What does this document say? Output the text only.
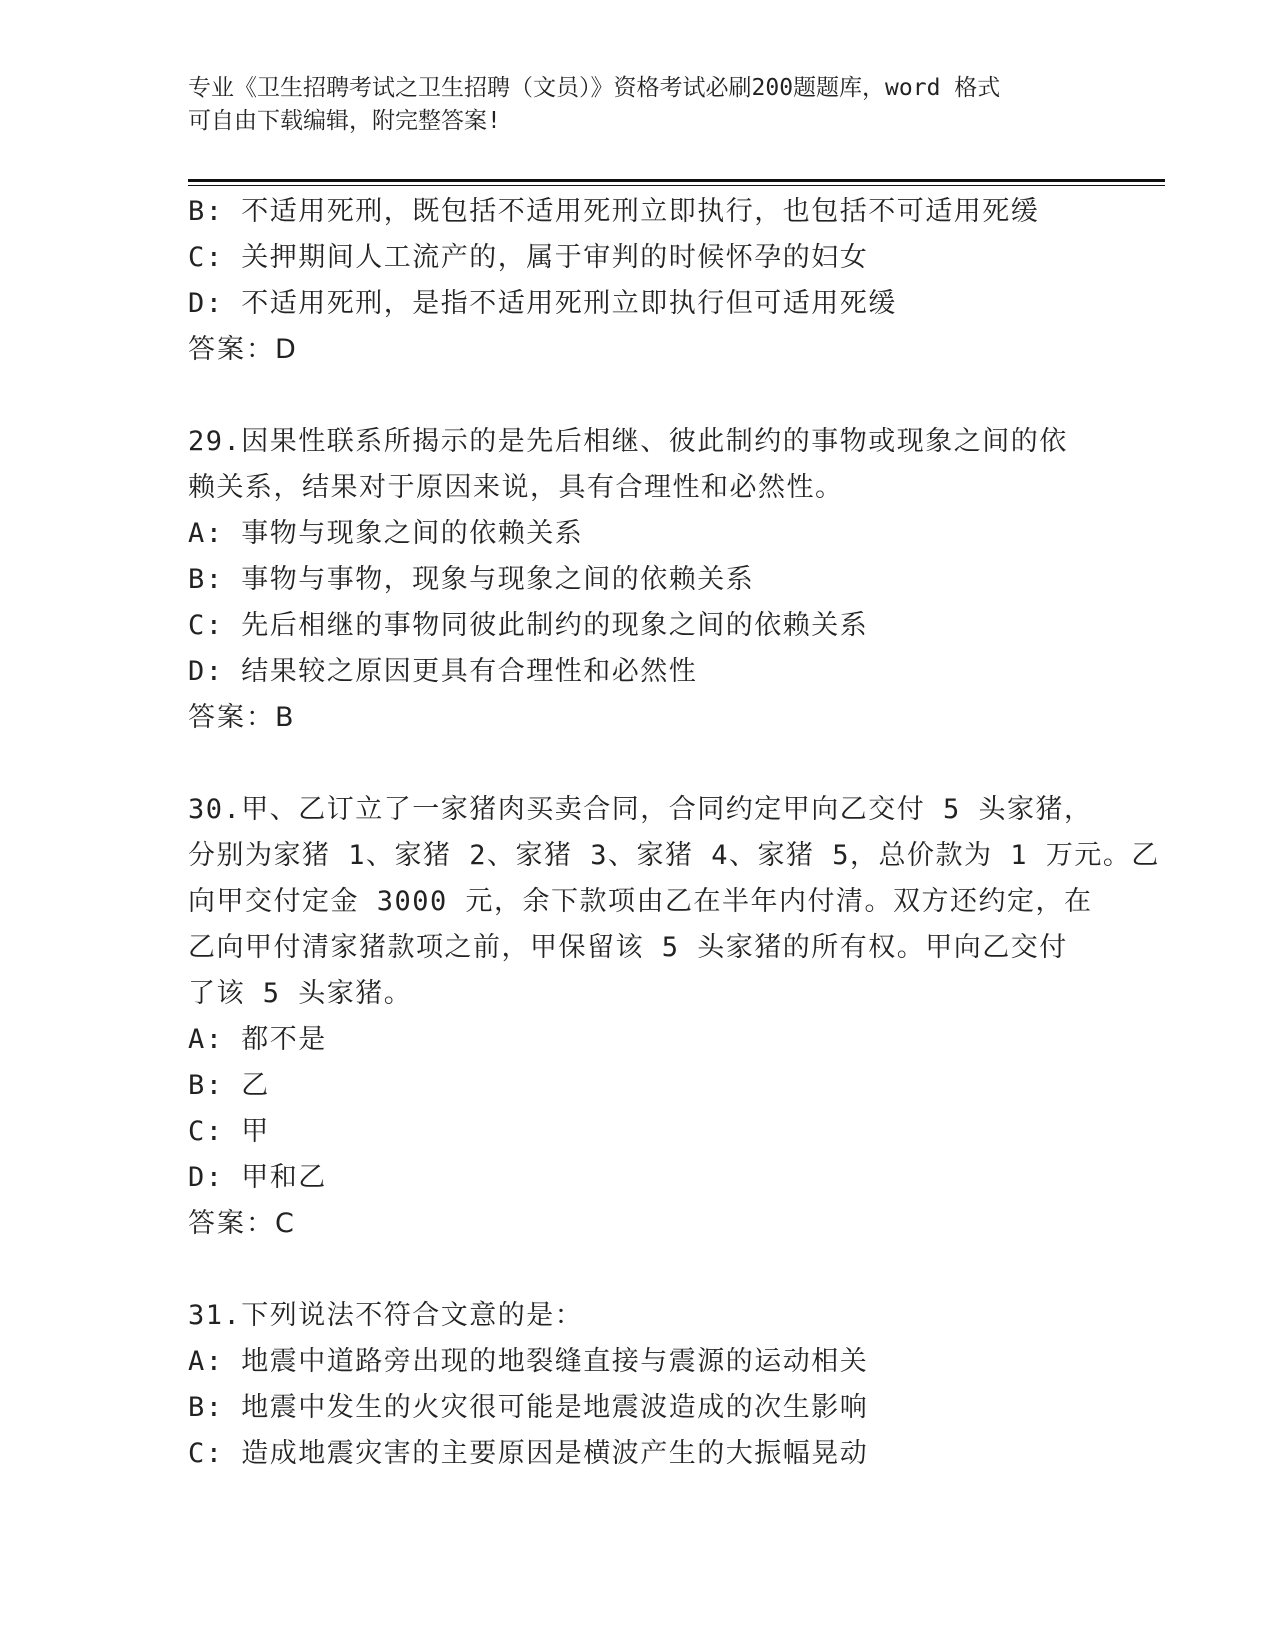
专业《卫生招聘考试之卫生招聘（文员）》资格考试必刷200题题库，word 格式
可自由下载编辑，附完整答案!
B: 不适用死刑，既包括不适用死刑立即执行，也包括不可适用死缓
C: 关押期间人工流产的，属于审判的时候怀孕的妇女
D: 不适用死刑，是指不适用死刑立即执行但可适用死缓
答案：D
29.因果性联系所揭示的是先后相继、彼此制约的事物或现象之间的依
赖关系，结果对于原因来说，具有合理性和必然性。
A: 事物与现象之间的依赖关系
B: 事物与事物，现象与现象之间的依赖关系
C: 先后相继的事物同彼此制约的现象之间的依赖关系
D: 结果较之原因更具有合理性和必然性
答案：B
30.甲、乙订立了一家猪肉买卖合同，合同约定甲向乙交付 5 头家猪，
分别为家猪 1、家猪 2、家猪 3、家猪 4、家猪 5，总价款为 1 万元。乙
向甲交付定金 3000 元，余下款项由乙在半年内付清。双方还约定，在
乙向甲付清家猪款项之前，甲保留该 5 头家猪的所有权。甲向乙交付
了该 5 头家猪。
A: 都不是
B: 乙
C: 甲
D: 甲和乙
答案：C
31.下列说法不符合文意的是：
A: 地震中道路旁出现的地裂缝直接与震源的运动相关
B: 地震中发生的火灾很可能是地震波造成的次生影响
C: 造成地震灾害的主要原因是横波产生的大振幅晃动
